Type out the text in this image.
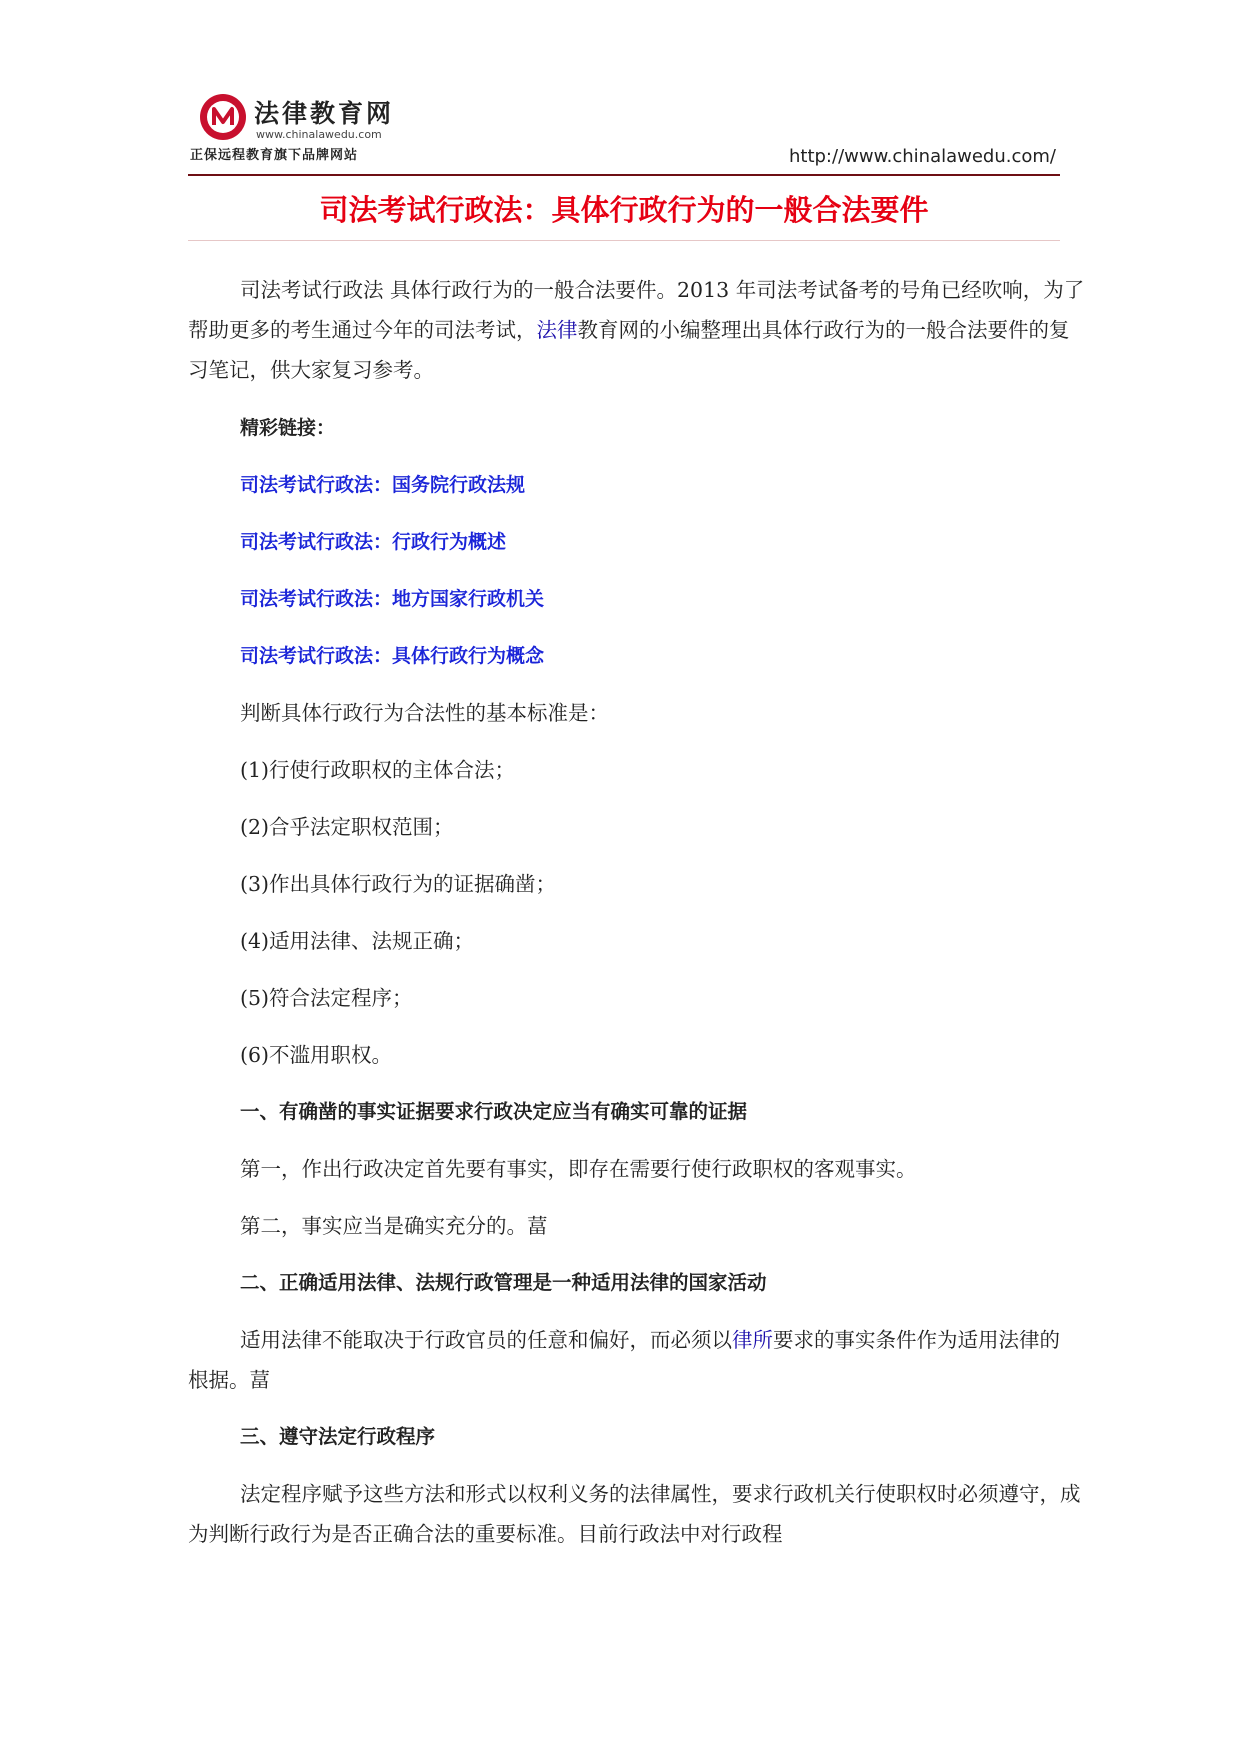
法律教育网
www.chinalawedu.com
正保远程教育旗下品牌网站	http://www.chinalawedu.com/
司法考试行政法：具体行政行为的一般合法要件

司法考试行政法 具体行政行为的一般合法要件。2013 年司法考试备考的号角已经吹响，为了帮助更多的考生通过今年的司法考试，法律教育网的小编整理出具体行政行为的一般合法要件的复习笔记，供大家复习参考。

精彩链接：

司法考试行政法：国务院行政法规

司法考试行政法：行政行为概述

司法考试行政法：地方国家行政机关

司法考试行政法：具体行政行为概念

判断具体行政行为合法性的基本标准是：

(1)行使行政职权的主体合法；

(2)合乎法定职权范围；

(3)作出具体行政行为的证据确凿；

(4)适用法律、法规正确；

(5)符合法定程序；

(6)不滥用职权。

一、有确凿的事实证据要求行政决定应当有确实可靠的证据

第一，作出行政决定首先要有事实，即存在需要行使行政职权的客观事实。

第二，事实应当是确实充分的。葍

二、正确适用法律、法规行政管理是一种适用法律的国家活动

适用法律不能取决于行政官员的任意和偏好，而必须以律所要求的事实条件作为适用法律的根据。葍

三、遵守法定行政程序

法定程序赋予这些方法和形式以权利义务的法律属性，要求行政机关行使职权时必须遵守，成为判断行政行为是否正确合法的重要标准。目前行政法中对行政程
